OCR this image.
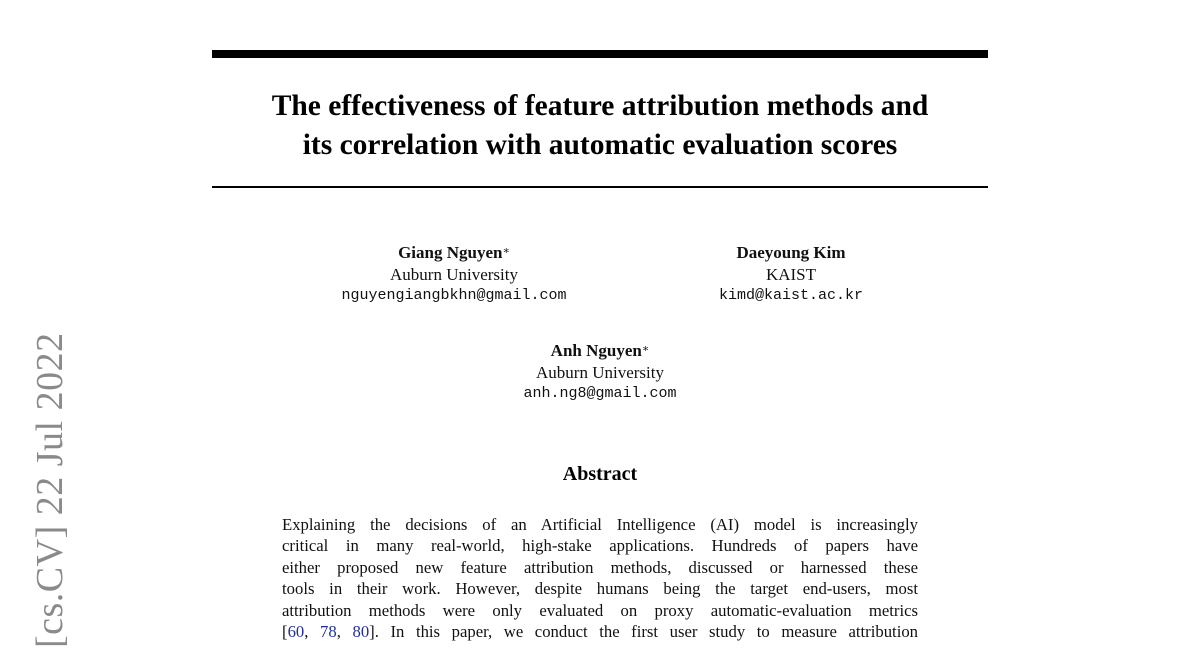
[cs.CV] 22 Jul 2022
The effectiveness of feature attribution methods and
its correlation with automatic evaluation scores
Giang Nguyen∗
Auburn University
nguyengiangbkhn@gmail.com
Daeyoung Kim
KAIST
kimd@kaist.ac.kr
Anh Nguyen∗
Auburn University
anh.ng8@gmail.com
Abstract
Explaining the decisions of an Artificial Intelligence (AI) model is increasingly
critical in many real-world, high-stake applications. Hundreds of papers have
either proposed new feature attribution methods, discussed or harnessed these
tools in their work. However, despite humans being the target end-users, most
attribution methods were only evaluated on proxy automatic-evaluation metrics
[60, 78, 80]. In this paper, we conduct the first user study to measure attribution
